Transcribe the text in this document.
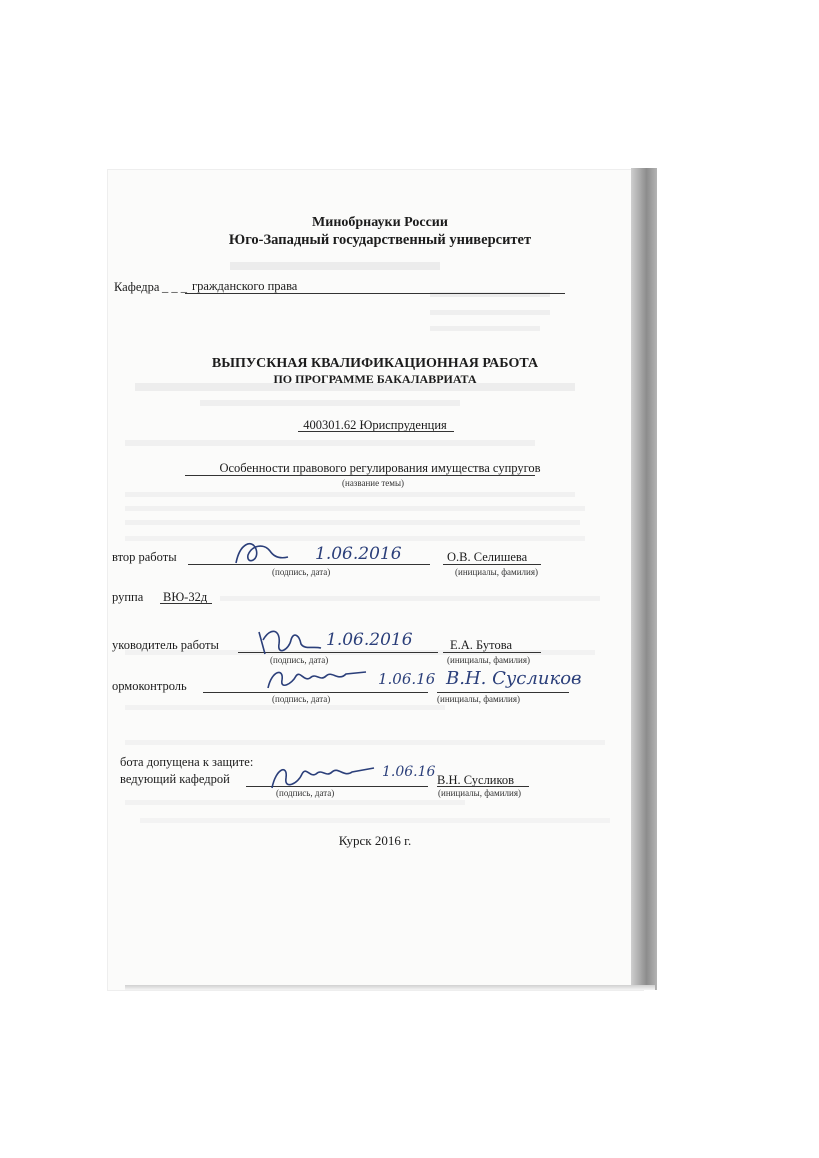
Минобрнауки России
Юго-Западный государственный университет
Кафедра _ _ _ гражданского права
ВЫПУСКНАЯ КВАЛИФИКАЦИОННАЯ РАБОТА
ПО ПРОГРАММЕ БАКАЛАВРИАТА
400301.62 Юриспруденция
Особенности правового регулирования имущества супругов
(название темы)
втор работы	1.06.2016
(подпись, дата)
О.В. Селишева
(инициалы, фамилия)
руппа ВЮ-32д
уководитель работы	1.06.2016
(подпись, дата)
Е.А. Бутова
(инициалы, фамилия)
ормоконтроль	1.06.16
(подпись, дата)
В.Н. Сусликов
(инициалы, фамилия)
бота допущена к защите:
ведующий кафедрой	1.06.16
(подпись, дата)
В.Н. Сусликов
(инициалы, фамилия)
Курск 2016 г.
